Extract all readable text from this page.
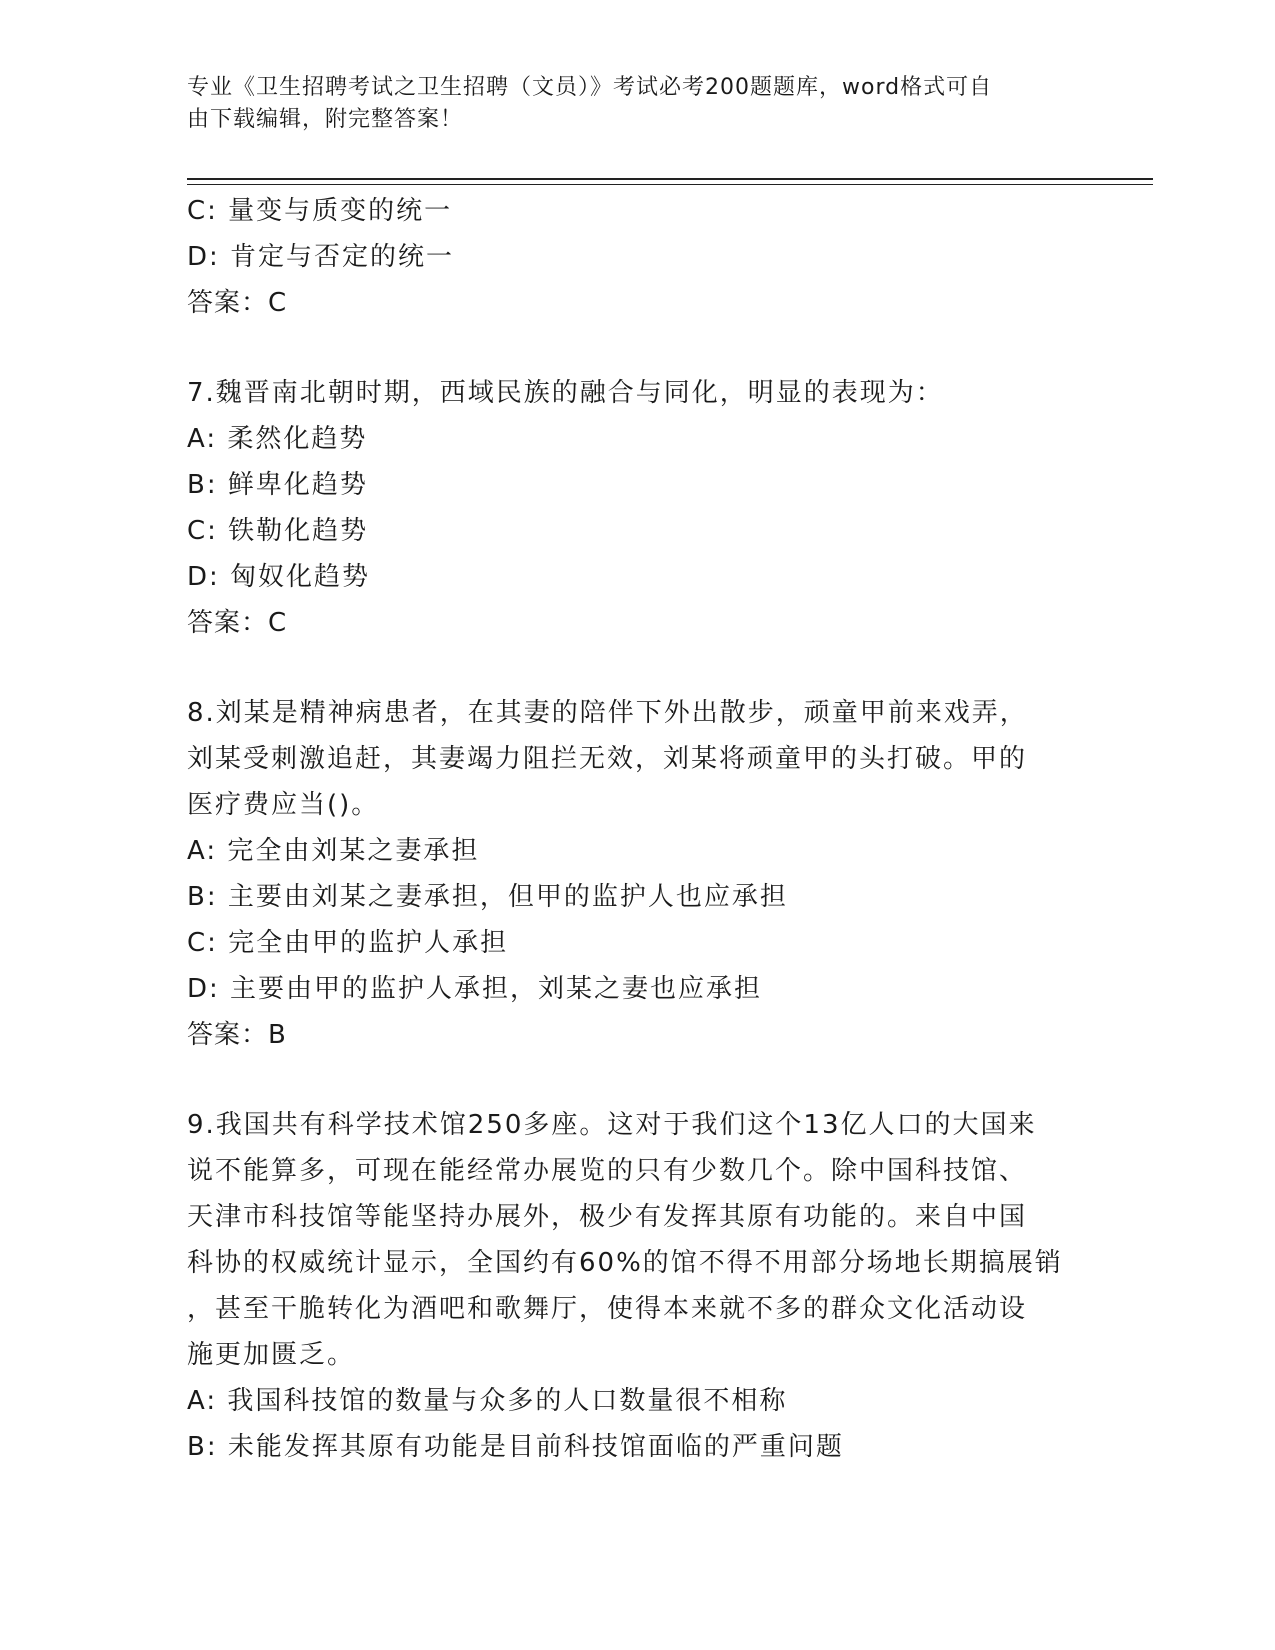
专业《卫生招聘考试之卫生招聘（文员）》考试必考200题题库，word格式可自
由下载编辑，附完整答案！
C: 量变与质变的统一
D: 肯定与否定的统一
答案：C
7.魏晋南北朝时期，西域民族的融合与同化，明显的表现为：
A: 柔然化趋势
B: 鲜卑化趋势
C: 铁勒化趋势
D: 匈奴化趋势
答案：C
8.刘某是精神病患者，在其妻的陪伴下外出散步，顽童甲前来戏弄，
刘某受刺激追赶，其妻竭力阻拦无效，刘某将顽童甲的头打破。甲的
医疗费应当()。
A: 完全由刘某之妻承担
B: 主要由刘某之妻承担，但甲的监护人也应承担
C: 完全由甲的监护人承担
D: 主要由甲的监护人承担，刘某之妻也应承担
答案：B
9.我国共有科学技术馆250多座。这对于我们这个13亿人口的大国来
说不能算多，可现在能经常办展览的只有少数几个。除中国科技馆、
天津市科技馆等能坚持办展外，极少有发挥其原有功能的。来自中国
科协的权威统计显示，全国约有60%的馆不得不用部分场地长期搞展销
，甚至干脆转化为酒吧和歌舞厅，使得本来就不多的群众文化活动设
施更加匮乏。
A: 我国科技馆的数量与众多的人口数量很不相称
B: 未能发挥其原有功能是目前科技馆面临的严重问题
